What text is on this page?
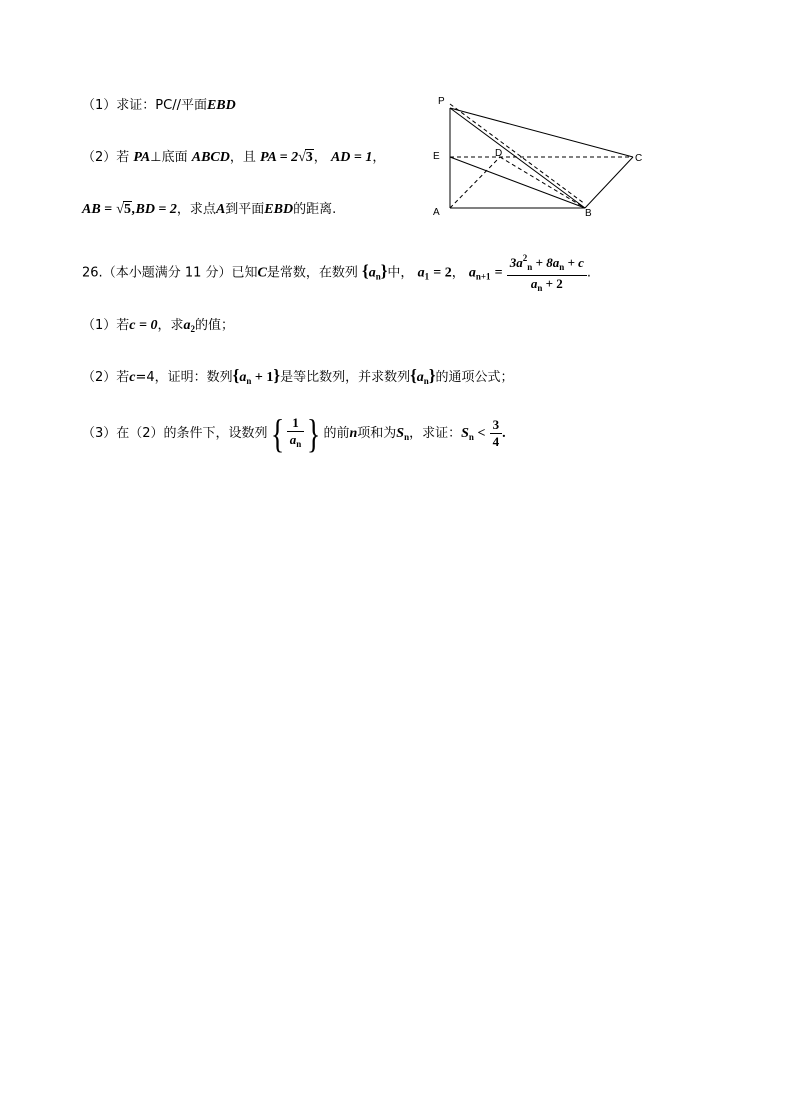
（1）求证：PC//平面EBD
（2）若 PA⊥底面 ABCD，且 PA = 2√3， AD = 1，
AB = √5,BD = 2，求点A到平面EBD的距离.
P
E
A
D	C
B
26.（本小题满分 11 分）已知C是常数，在数列 $\{a_n\}$中， $a_1 = 2$， $a_{n+1} = \frac{3a^2_n + 8a_n + c}{a_n + 2}$ .
（1）若c = 0，求$a_2$的值；
（2）若c=4，证明：数列$\{a_n + 1\}$是等比数列，并求数列$\{a_n\}$的通项公式；
（3）在（2）的条件下，设数列{ $\frac{1}{a_n}$ } 的前n项和为$S_n$，求证：$S_n < \frac{3}{4}$ .
